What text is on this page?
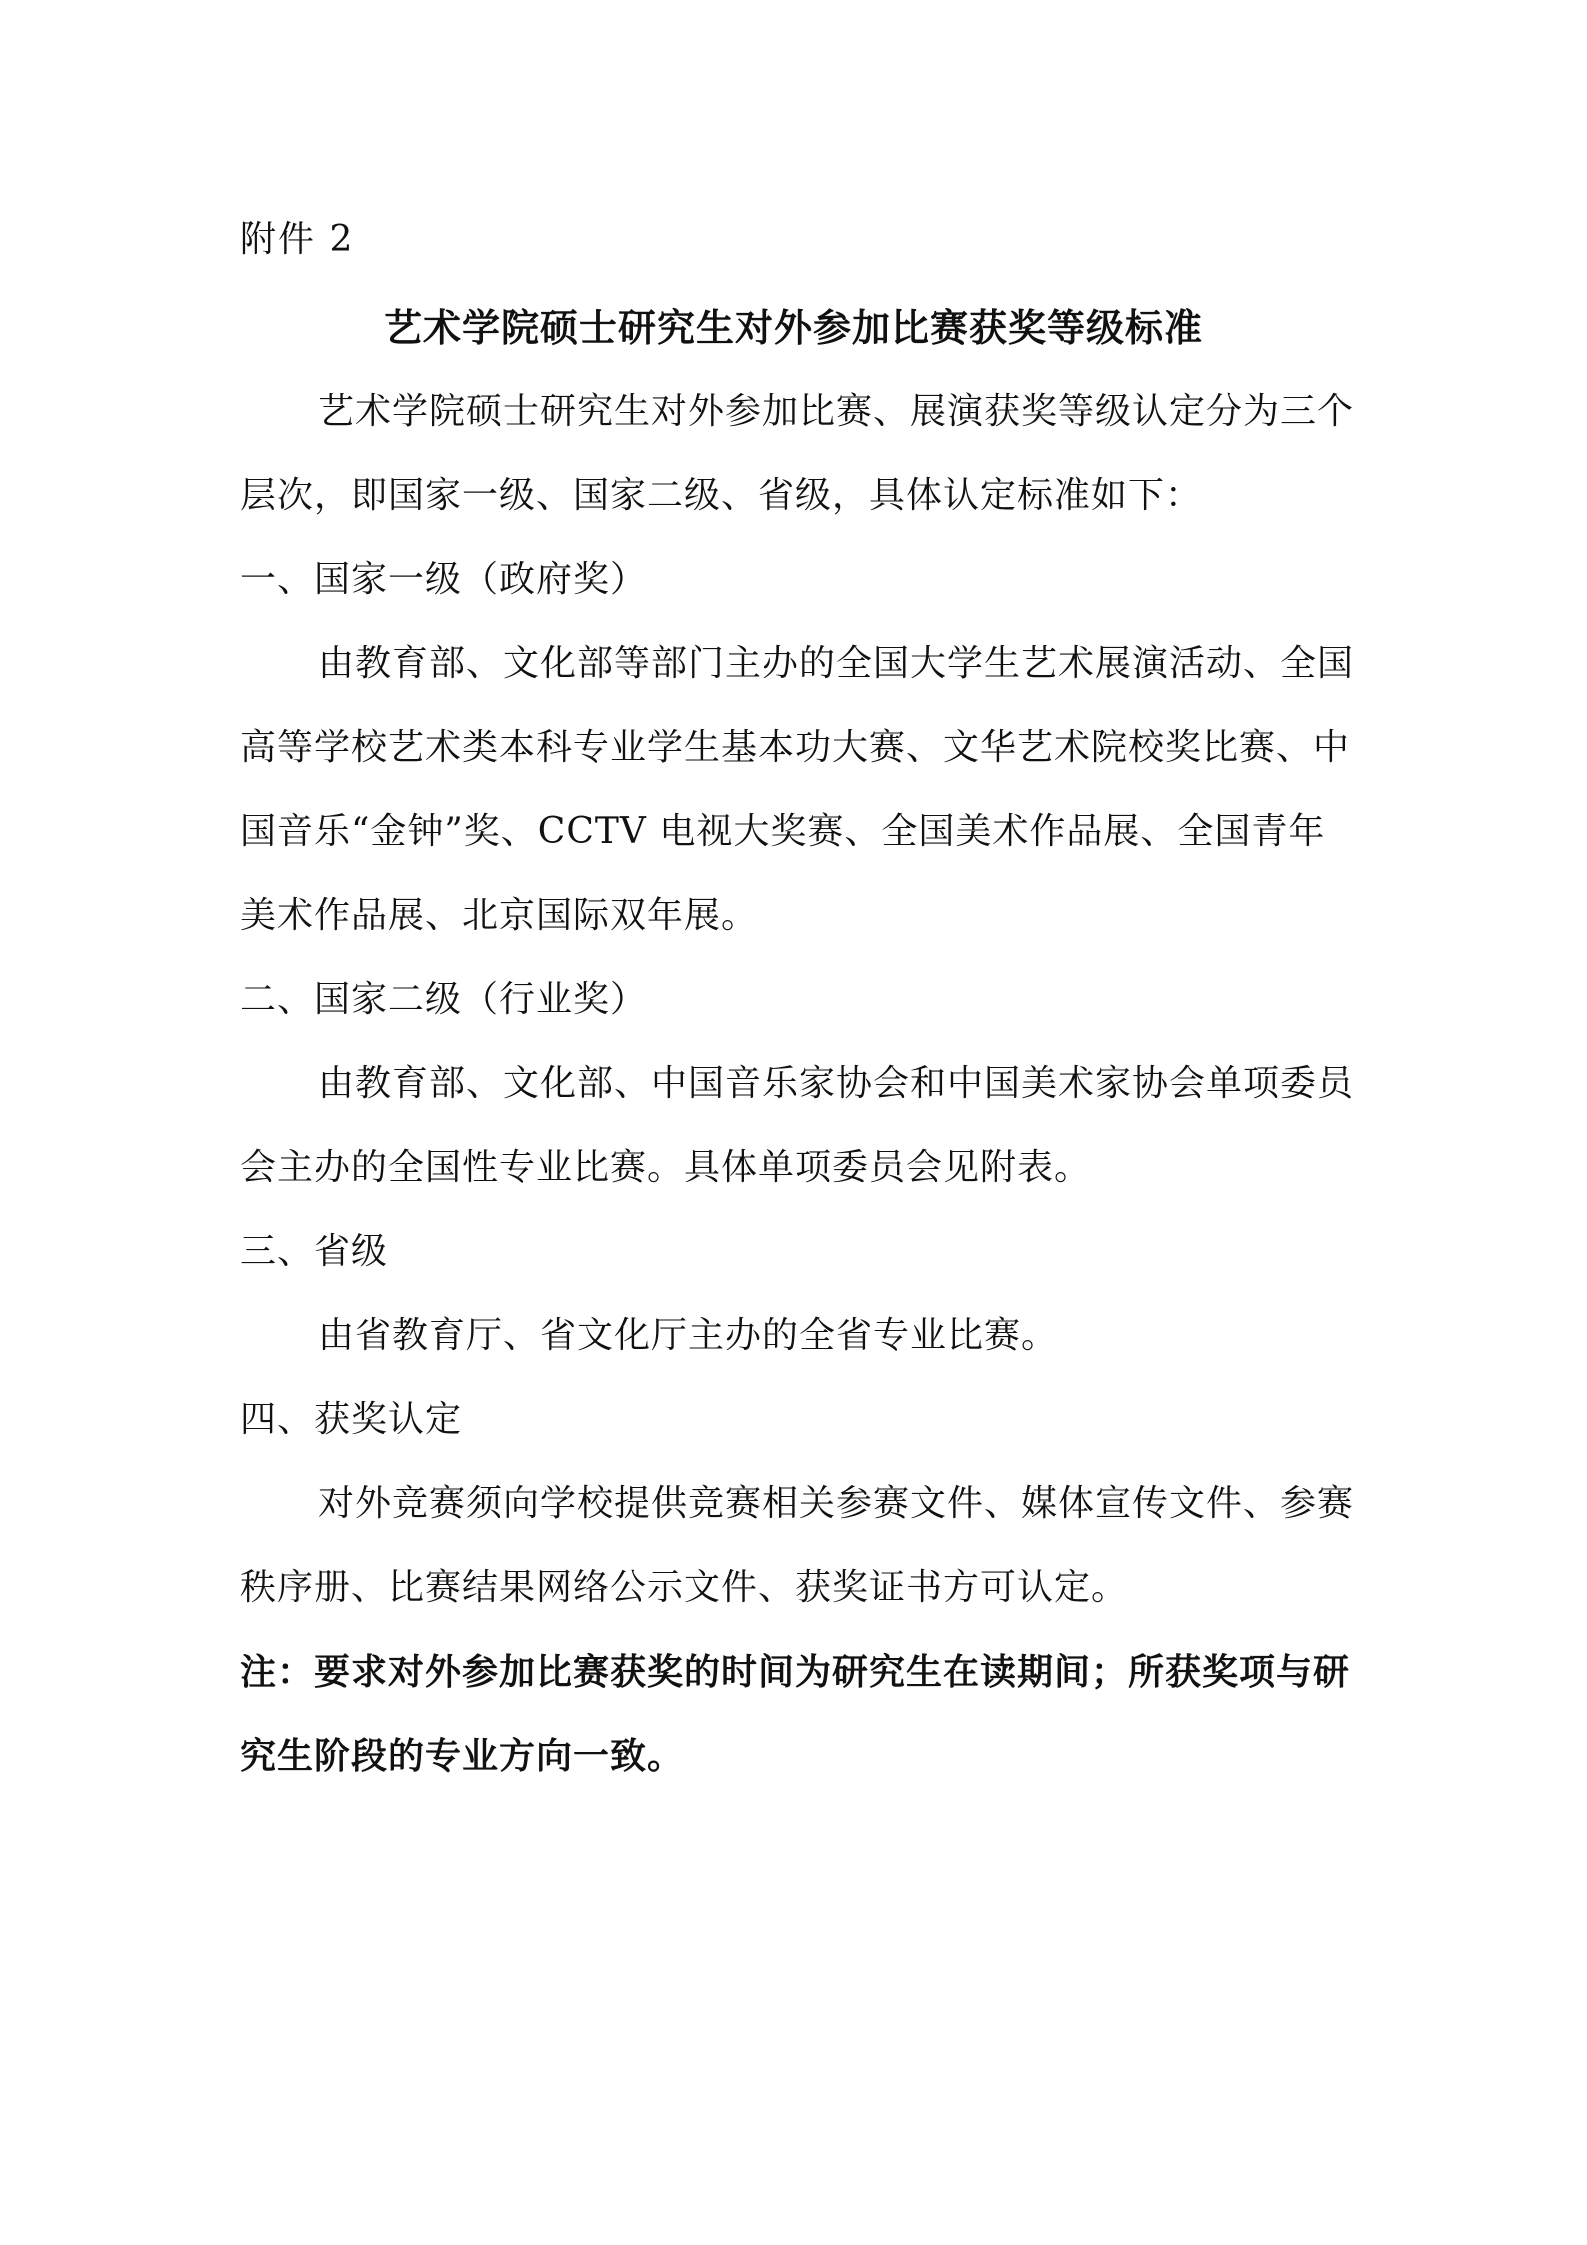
附件 2
艺术学院硕士研究生对外参加比赛获奖等级标准
艺术学院硕士研究生对外参加比赛、展演获奖等级认定分为三个层次，即国家一级、国家二级、省级，具体认定标准如下：
一、国家一级（政府奖）
由教育部、文化部等部门主办的全国大学生艺术展演活动、全国高等学校艺术类本科专业学生基本功大赛、文华艺术院校奖比赛、中国音乐“金钟”奖、CCTV 电视大奖赛、全国美术作品展、全国青年美术作品展、北京国际双年展。
二、国家二级（行业奖）
由教育部、文化部、中国音乐家协会和中国美术家协会单项委员会主办的全国性专业比赛。具体单项委员会见附表。
三、省级
由省教育厅、省文化厅主办的全省专业比赛。
四、获奖认定
对外竞赛须向学校提供竞赛相关参赛文件、媒体宣传文件、参赛秩序册、比赛结果网络公示文件、获奖证书方可认定。
注：要求对外参加比赛获奖的时间为研究生在读期间；所获奖项与研究生阶段的专业方向一致。
